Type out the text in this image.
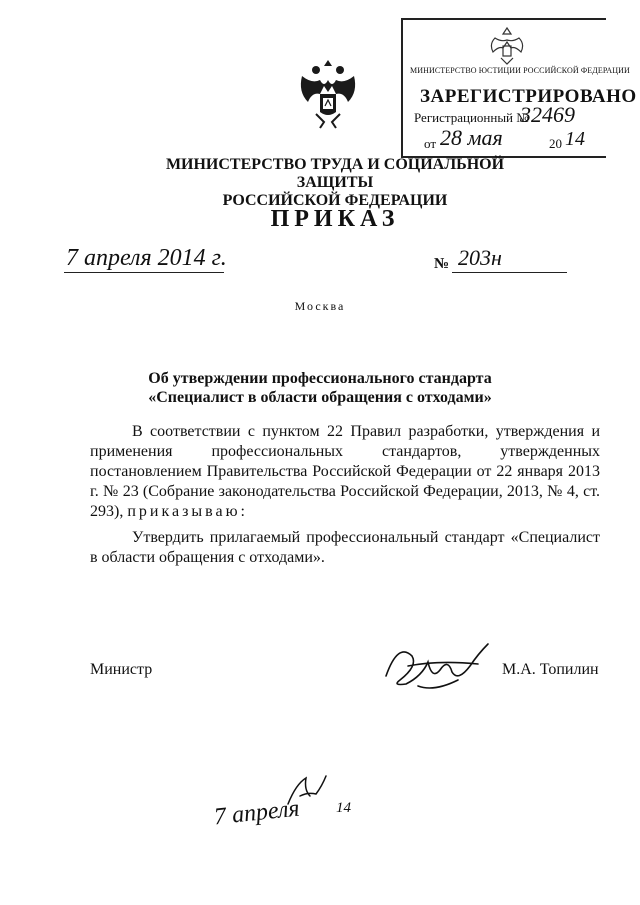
МИНИСТЕРСТВО ЮСТИЦИИ РОССИЙСКОЙ ФЕДЕРАЦИИ
ЗАРЕГИСТРИРОВАНО
Регистрационный №
32469
от 28 мая	20 14
МИНИСТЕРСТВО ТРУДА И СОЦИАЛЬНОЙ ЗАЩИТЫ
РОССИЙСКОЙ ФЕДЕРАЦИИ
ПРИКАЗ
7 апреля 2014 г.	№ 203н
Москва
Об утверждении профессионального стандарта
«Специалист в области обращения с отходами»
В соответствии с пунктом 22 Правил разработки, утверждения и применения профессиональных стандартов, утвержденных постановлением Правительства Российской Федерации от 22 января 2013 г. № 23 (Собрание законодательства Российской Федерации, 2013, № 4, ст. 293), приказываю:
Утвердить прилагаемый профессиональный стандарт «Специалист в области обращения с отходами».
Министр	М.А. Топилин
7 апреля 14
